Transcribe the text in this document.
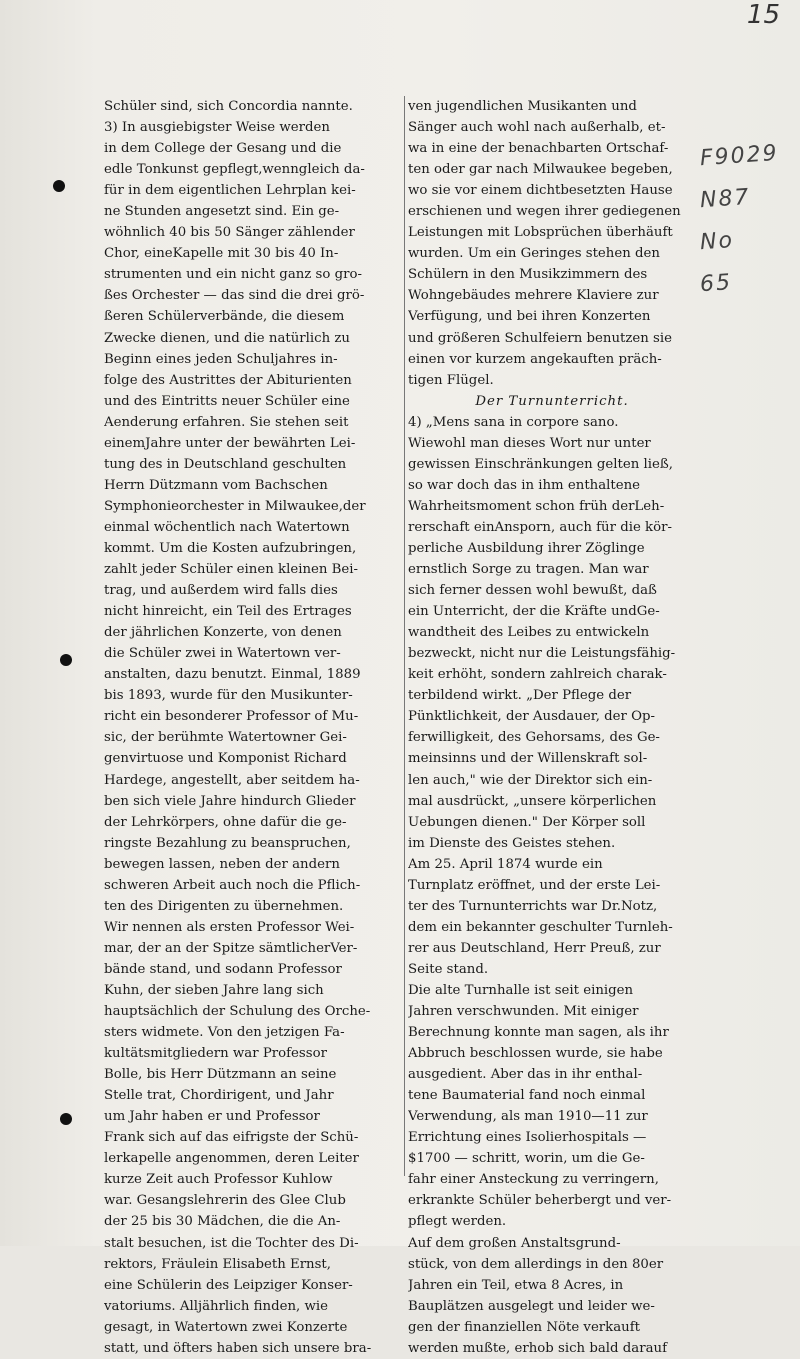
15
F9029
N87
No
65
Schüler sind, sich Concordia nannte.
3) In ausgiebigster Weise werden
in dem College der Gesang und die
edle Tonkunst gepflegt,wenngleich da-
für in dem eigentlichen Lehrplan kei-
ne Stunden angesetzt sind. Ein ge-
wöhnlich 40 bis 50 Sänger zählender
Chor, eineKapelle mit 30 bis 40 In-
strumenten und ein nicht ganz so gro-
ßes Orchester — das sind die drei grö-
ßeren Schülerverbände, die diesem
Zwecke dienen, und die natürlich zu
Beginn eines jeden Schuljahres in-
folge des Austrittes der Abiturienten
und des Eintritts neuer Schüler eine
Aenderung erfahren. Sie stehen seit
einemJahre unter der bewährten Lei-
tung des in Deutschland geschulten
Herrn Dützmann vom Bachschen
Symphonieorchester in Milwaukee,der
einmal wöchentlich nach Watertown
kommt. Um die Kosten aufzubringen,
zahlt jeder Schüler einen kleinen Bei-
trag, und außerdem wird falls dies
nicht hinreicht, ein Teil des Ertrages
der jährlichen Konzerte, von denen
die Schüler zwei in Watertown ver-
anstalten, dazu benutzt. Einmal, 1889
bis 1893, wurde für den Musikunter-
richt ein besonderer Professor of Mu-
sic, der berühmte Watertowner Gei-
genvirtuose und Komponist Richard
Hardege, angestellt, aber seitdem ha-
ben sich viele Jahre hindurch Glieder
der Lehrkörpers, ohne dafür die ge-
ringste Bezahlung zu beanspruchen,
bewegen lassen, neben der andern
schweren Arbeit auch noch die Pflich-
ten des Dirigenten zu übernehmen.
Wir nennen als ersten Professor Wei-
mar, der an der Spitze sämtlicherVer-
bände stand, und sodann Professor
Kuhn, der sieben Jahre lang sich
hauptsächlich der Schulung des Orche-
sters widmete. Von den jetzigen Fa-
kultätsmitgliedern war Professor
Bolle, bis Herr Dützmann an seine
Stelle trat, Chordirigent, und Jahr
um Jahr haben er und Professor
Frank sich auf das eifrigste der Schü-
lerkapelle angenommen, deren Leiter
kurze Zeit auch Professor Kuhlow
war. Gesangslehrerin des Glee Club
der 25 bis 30 Mädchen, die die An-
stalt besuchen, ist die Tochter des Di-
rektors, Fräulein Elisabeth Ernst,
eine Schülerin des Leipziger Konser-
vatoriums. Alljährlich finden, wie
gesagt, in Watertown zwei Konzerte
statt, und öfters haben sich unsere bra-
ven jugendlichen Musikanten und
Sänger auch wohl nach außerhalb, et-
wa in eine der benachbarten Ortschaf-
ten oder gar nach Milwaukee begeben,
wo sie vor einem dichtbesetzten Hause
erschienen und wegen ihrer gediegenen
Leistungen mit Lobsprüchen überhäuft
wurden. Um ein Geringes stehen den
Schülern in den Musikzimmern des
Wohngebäudes mehrere Klaviere zur
Verfügung, und bei ihren Konzerten
und größeren Schulfeiern benutzen sie
einen vor kurzem angekauften präch-
tigen Flügel.
Der Turnunterricht.
4) „Mens sana in corpore sano.
Wiewohl man dieses Wort nur unter
gewissen Einschränkungen gelten ließ,
so war doch das in ihm enthaltene
Wahrheitsmoment schon früh derLeh-
rerschaft einAnsporn, auch für die kör-
perliche Ausbildung ihrer Zöglinge
ernstlich Sorge zu tragen. Man war
sich ferner dessen wohl bewußt, daß
ein Unterricht, der die Kräfte undGe-
wandtheit des Leibes zu entwickeln
bezweckt, nicht nur die Leistungsfähig-
keit erhöht, sondern zahlreich charak-
terbildend wirkt. „Der Pflege der
Pünktlichkeit, der Ausdauer, der Op-
ferwilligkeit, des Gehorsams, des Ge-
meinsinns und der Willenskraft sol-
len auch," wie der Direktor sich ein-
mal ausdrückt, „unsere körperlichen
Uebungen dienen." Der Körper soll
im Dienste des Geistes stehen.
Am 25. April 1874 wurde ein
Turnplatz eröffnet, und der erste Lei-
ter des Turnunterrichts war Dr.Notz,
dem ein bekannter geschulter Turnleh-
rer aus Deutschland, Herr Preuß, zur
Seite stand.
Die alte Turnhalle ist seit einigen
Jahren verschwunden. Mit einiger
Berechnung konnte man sagen, als ihr
Abbruch beschlossen wurde, sie habe
ausgedient. Aber das in ihr enthal-
tene Baumaterial fand noch einmal
Verwendung, als man 1910—11 zur
Errichtung eines Isolierhospitals —
$1700 — schritt, worin, um die Ge-
fahr einer Ansteckung zu verringern,
erkrankte Schüler beherbergt und ver-
pflegt werden.
Auf dem großen Anstaltsgrund-
stück, von dem allerdings in den 80er
Jahren ein Teil, etwa 8 Acres, in
Bauplätzen ausgelegt und leider we-
gen der finanziellen Nöte verkauft
werden mußte, erhob sich bald darauf
